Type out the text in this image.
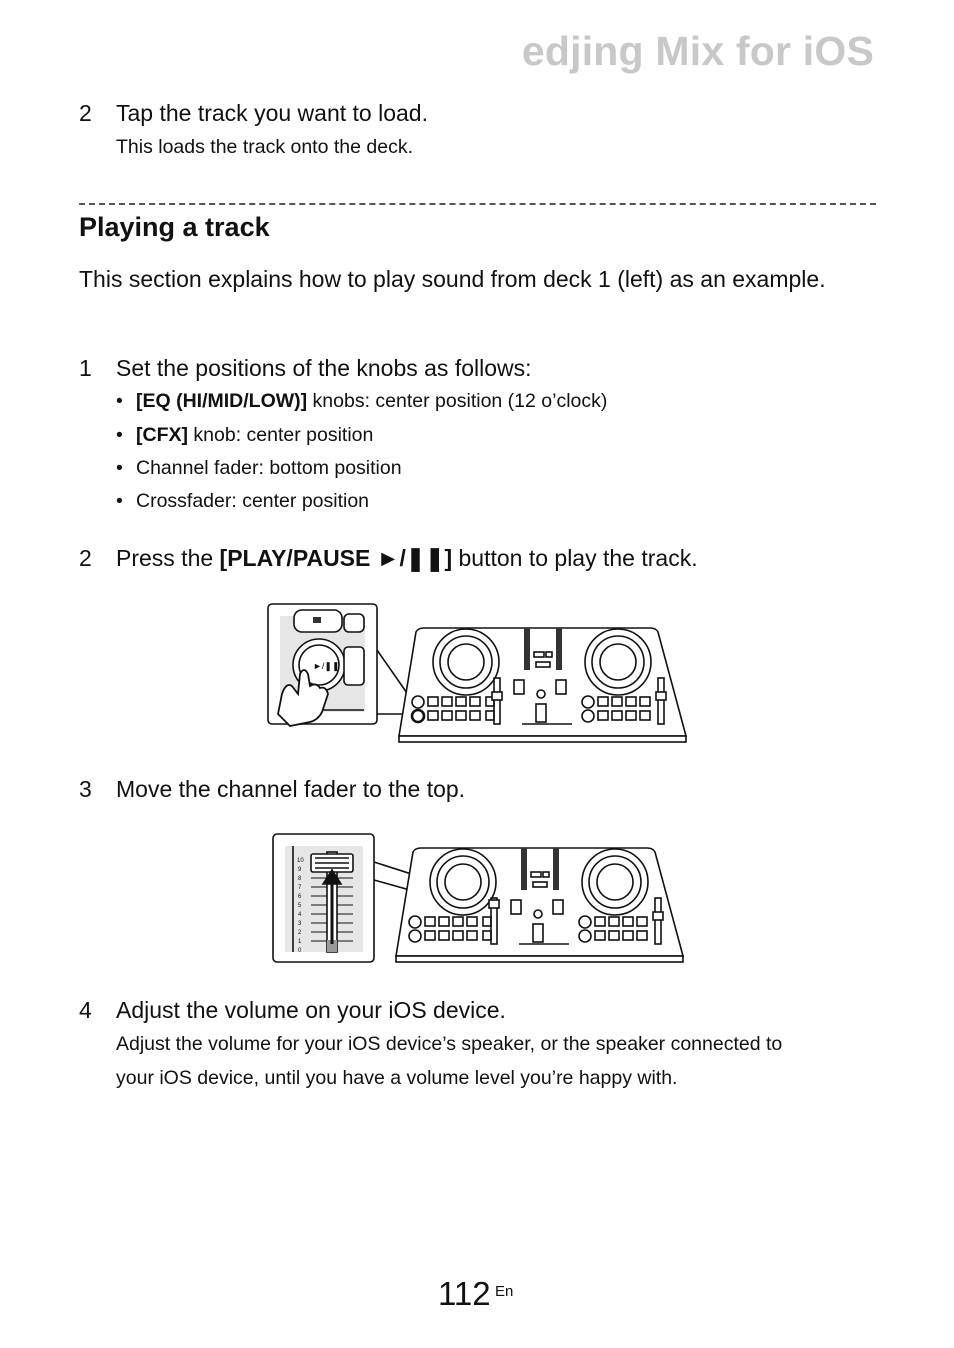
edjing Mix for iOS
2 Tap the track you want to load.
This loads the track onto the deck.
Playing a track
This section explains how to play sound from deck 1 (left) as an example.
1 Set the positions of the knobs as follows:
• [EQ (HI/MID/LOW)] knobs: center position (12 o’clock)
• [CFX] knob: center position
• Channel fader: bottom position
• Crossfader: center position
2 Press the [PLAY/PAUSE ►/❚❚] button to play the track.
►/❚❚
3 Move the channel fader to the top.
10
9
8
7
6
5
4
3
2
1
0
4 Adjust the volume on your iOS device.
Adjust the volume for your iOS device’s speaker, or the speaker connected to
your iOS device, until you have a volume level you’re happy with.
112 En
